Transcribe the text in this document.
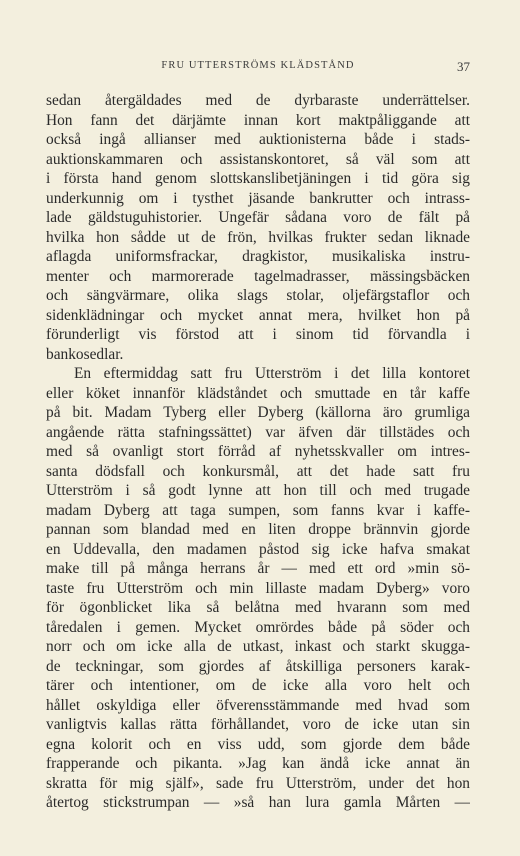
FRU UTTERSTRÖMS KLÄDSTÅND	37
sedan återgäldades med de dyrbaraste underrättelser.
Hon fann det därjämte innan kort maktpåliggande att
också ingå allianser med auktionisterna både i stads-
auktionskammaren och assistanskontoret, så väl som att
i första hand genom slottskanslibetjäningen i tid göra sig
underkunnig om i tysthet jäsande bankrutter och intrass-
lade gäldstuguhistorier. Ungefär sådana voro de fält på
hvilka hon sådde ut de frön, hvilkas frukter sedan liknade
aflagda uniformsfrackar, dragkistor, musikaliska instru-
menter och marmorerade tagelmadrasser, mässingsbäcken
och sängvärmare, olika slags stolar, oljefärgstaflor och
sidenklädningar och mycket annat mera, hvilket hon på
förunderligt vis förstod att i sinom tid förvandla i
bankosedlar.
En eftermiddag satt fru Utterström i det lilla kontoret
eller köket innanför klädståndet och smuttade en tår kaffe
på bit. Madam Tyberg eller Dyberg (källorna äro grumliga
angående rätta stafningssättet) var äfven där tillstädes och
med så ovanligt stort förråd af nyhetsskvaller om intres-
santa dödsfall och konkursmål, att det hade satt fru
Utterström i så godt lynne att hon till och med trugade
madam Dyberg att taga sumpen, som fanns kvar i kaffe-
pannan som blandad med en liten droppe brännvin gjorde
en Uddevalla, den madamen påstod sig icke hafva smakat
make till på många herrans år — med ett ord »min sö-
taste fru Utterström och min lillaste madam Dyberg» voro
för ögonblicket lika så belåtna med hvarann som med
tåredalen i gemen. Mycket omrördes både på söder och
norr och om icke alla de utkast, inkast och starkt skugga-
de teckningar, som gjordes af åtskilliga personers karak-
tärer och intentioner, om de icke alla voro helt och
hållet oskyldiga eller öfverensstämmande med hvad som
vanligtvis kallas rätta förhållandet, voro de icke utan sin
egna kolorit och en viss udd, som gjorde dem både
frapperande och pikanta. »Jag kan ändå icke annat än
skratta för mig själf», sade fru Utterström, under det hon
återtog stickstrumpan — »så han lura gamla Mårten —
